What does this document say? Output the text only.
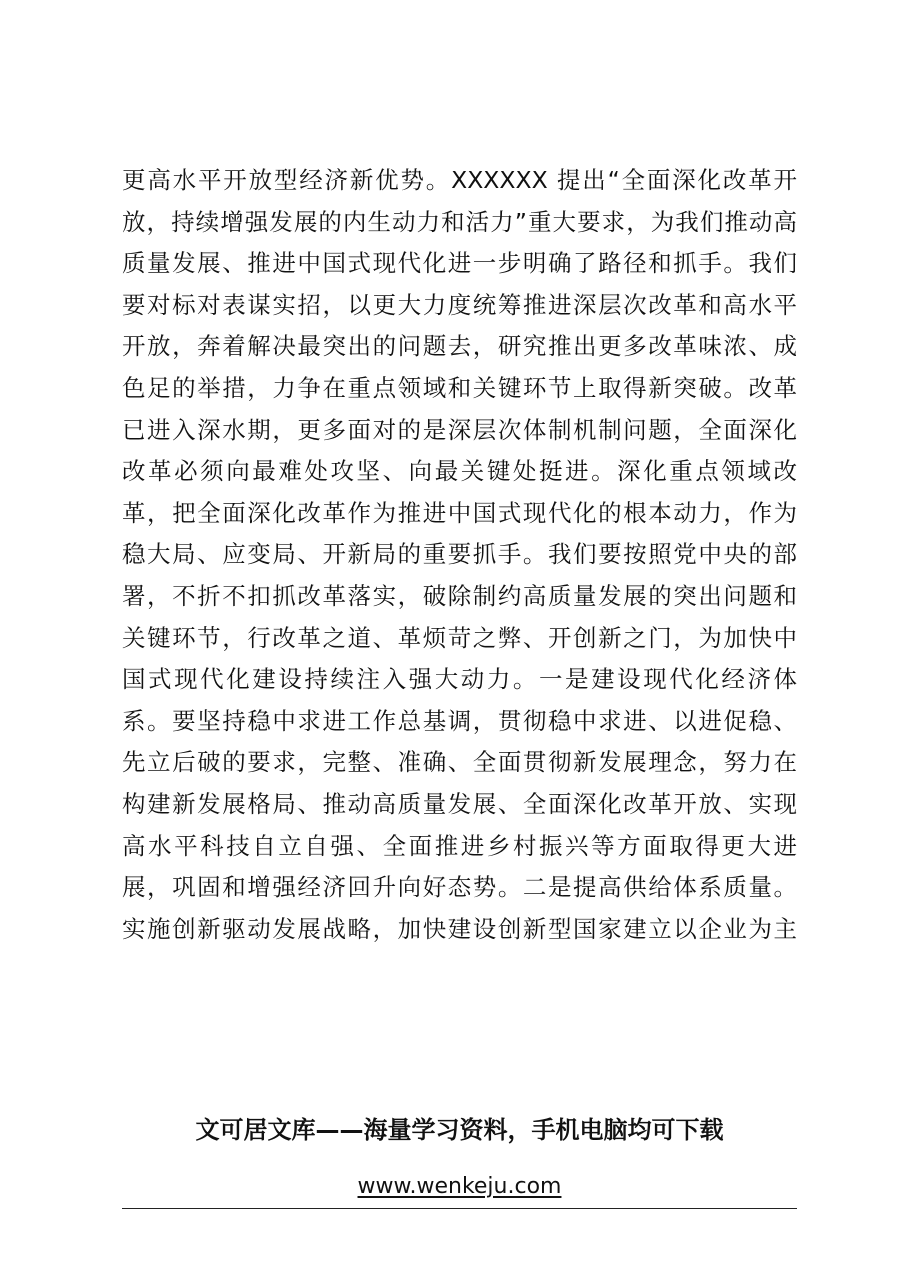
更高水平开放型经济新优势。XXXXXX 提出“全面深化改革开
放，持续增强发展的内生动力和活力”重大要求，为我们推动高
质量发展、推进中国式现代化进一步明确了路径和抓手。我们
要对标对表谋实招，以更大力度统筹推进深层次改革和高水平
开放，奔着解决最突出的问题去，研究推出更多改革味浓、成
色足的举措，力争在重点领域和关键环节上取得新突破。改革
已进入深水期，更多面对的是深层次体制机制问题，全面深化
改革必须向最难处攻坚、向最关键处挺进。深化重点领域改
革，把全面深化改革作为推进中国式现代化的根本动力，作为
稳大局、应变局、开新局的重要抓手。我们要按照党中央的部
署，不折不扣抓改革落实，破除制约高质量发展的突出问题和
关键环节，行改革之道、革烦苛之弊、开创新之门，为加快中
国式现代化建设持续注入强大动力。一是建设现代化经济体
系。要坚持稳中求进工作总基调，贯彻稳中求进、以进促稳、
先立后破的要求，完整、准确、全面贯彻新发展理念，努力在
构建新发展格局、推动高质量发展、全面深化改革开放、实现
高水平科技自立自强、全面推进乡村振兴等方面取得更大进
展，巩固和增强经济回升向好态势。二是提高供给体系质量。
实施创新驱动发展战略，加快建设创新型国家建立以企业为主
文可居文库——海量学习资料，手机电脑均可下载
www.wenkeju.com
